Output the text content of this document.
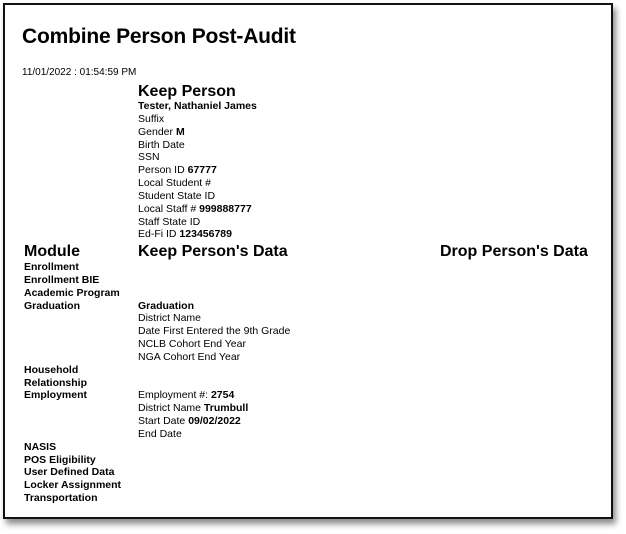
Combine Person Post-Audit
11/01/2022 : 01:54:59 PM
Keep Person
Tester, Nathaniel James
Suffix
Gender M
Birth Date
SSN
Person ID 67777
Local Student #
Student State ID
Local Staff # 999888777
Staff State ID
Ed-Fi ID 123456789
Module	Keep Person's Data	Drop Person's Data
Enrollment
Enrollment BIE
Academic Program
Graduation
Household
Relationship
Employment
NASIS
POS Eligibility
User Defined Data
Locker Assignment
Transportation
Graduation
District Name
Date First Entered the 9th Grade
NCLB Cohort End Year
NGA Cohort End Year
Employment #: 2754
District Name Trumbull
Start Date 09/02/2022
End Date
